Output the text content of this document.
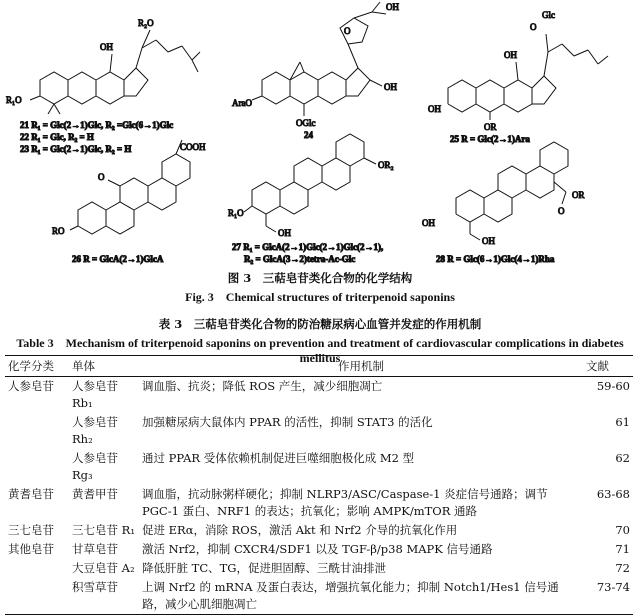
R₂O
OH
R₁O
21 R₁ = Glc(2→1)Glc, R₂ =Glc(6→1)Glc
22 R₁ = Glc, R₂ = H
23 R₁ = Glc(2→1)Glc, R₂ = H
OH
O
OH
AraO
OGlc
24
Glc
O
OH
OH
OR
25 R = Glc(2→1)Ara
COOH
O
RO
26 R = GlcA(2→1)GlcA
OR₂
R₁O
OH
27 R₁ = GlcA(2→1)Glc(2→1)Glc(2→1),
R₂ = GlcA(3→2)tetra-Ac-Glc
O
OR
OH
OH
28 R = Glc(6→1)Glc(4→1)Rha
图 3　三萜皂苷类化合物的化学结构
Fig. 3　Chemical structures of triterpenoid saponins
表 3　三萜皂苷类化合物的防治糖尿病心血管并发症的作用机制
Table 3　Mechanism of triterpenoid saponins on prevention and treatment of cardiovascular complications in diabetes mellitus
化学分类	单体	作用机制	文献
人参皂苷	人参皂苷 Rb₁	调血脂、抗炎；降低 ROS 产生，减少细胞凋亡	59-60
	人参皂苷 Rh₂	加强糖尿病大鼠体内 PPAR 的活性，抑制 STAT3 的活化	61
	人参皂苷 Rg₃	通过 PPAR 受体依赖机制促进巨噬细胞极化成 M2 型	62
黄耆皂苷	黄耆甲苷	调血脂，抗动脉粥样硬化；抑制 NLRP3/ASC/Caspase-1 炎症信号通路；调节 PGC-1 蛋白、NRF1 的表达；抗氧化；影响 AMPK/mTOR 通路	63-68
三七皂苷	三七皂苷 R₁	促进 ERα，消除 ROS，激活 Akt 和 Nrf2 介导的抗氧化作用	70
其他皂苷	甘草皂苷	激活 Nrf2，抑制 CXCR4/SDF1 以及 TGF-β/p38 MAPK 信号通路	71
	大豆皂苷 A₂	降低肝脏 TC、TG，促进胆固醇、三酰甘油排泄	72
	积雪草苷	上调 Nrf2 的 mRNA 及蛋白表达，增强抗氧化能力；抑制 Notch1/Hes1 信号通路，减少心肌细胞凋亡	73-74
